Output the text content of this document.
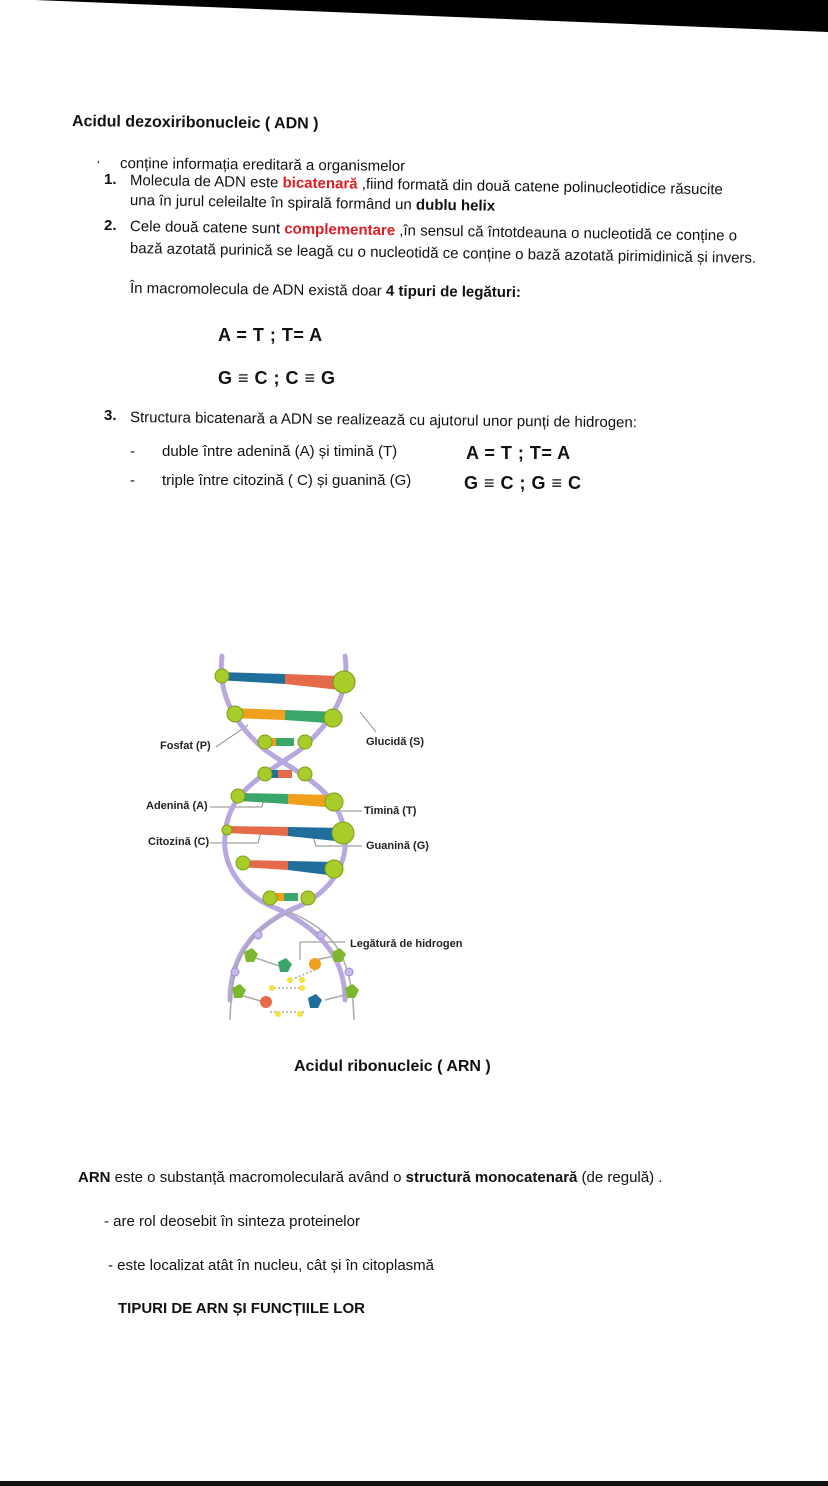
Acidul dezoxiribonucleic ( ADN )
· conține informația ereditară a organismelor
1. Molecula de ADN este bicatenară ,fiind formată din două catene polinucleotidice răsucite
una în jurul celeilalte în spirală formând un dublu helix
2. Cele două catene sunt complementare ,în sensul că întotdeauna o nucleotidă ce conține o
bază azotată purinică se leagă cu o nucleotidă ce conține o bază azotată pirimidinică și invers.
În macromolecula de ADN există doar 4 tipuri de legături:
A = T ; T= A
G ≡ C ; C ≡ G
3. Structura bicatenară a ADN se realizează cu ajutorul unor punți de hidrogen:
- duble între adenină (A) și timină (T)	A = T ; T= A
- triple între citozină ( C) și guanină (G)	G ≡ C ; G ≡ C
Fosfat (P)	Glucidă (S)
Adenină (A)	Timină (T)
Citozină (C)	Guanină (G)
Legătură de hidrogen
Acidul ribonucleic ( ARN )
ARN este o substanță macromoleculară având o structură monocatenară (de regulă) .
- are rol deosebit în sinteza proteinelor
- este localizat atât în nucleu, cât și în citoplasmă
TIPURI DE ARN ȘI FUNCȚIILE LOR
